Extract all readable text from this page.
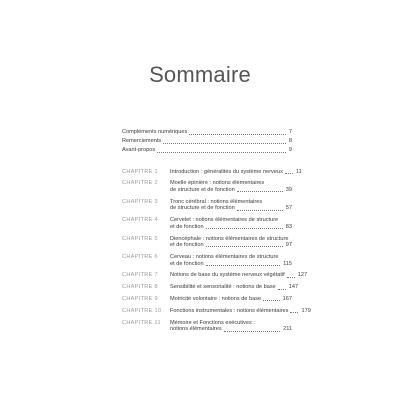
Sommaire
Compléments numériques	7
Remerciements	8
Avant-propos	9
CHAPITRE 1	Introduction : généralités du système nerveux 11
CHAPITRE 2	Moelle épinière : notions élémentaires
de structure et de fonction	39
CHAPITRE 3	Tronc cérébral : notions élémentaires
de structure et de fonction	57
CHAPITRE 4	Cervelet : notions élémentaires de structure
et de fonction	83
CHAPITRE 5	Diencéphale : notions élémentaires de structure
et de fonction	97
CHAPITRE 6	Cerveau : notions élémentaires de structure
et de fonction	115
CHAPITRE 7	Notions de base du système nerveux végétatif 127
CHAPITRE 8	Sensibilité et sensorialité : notions de base 147
CHAPITRE 9	Motricité volontaire : notions de base	167
CHAPITRE 10	Fonctions instrumentales : notions élémentaires 179
CHAPITRE 11	Mémoire et Fonctions exécutives :
notions élémentaires	211
